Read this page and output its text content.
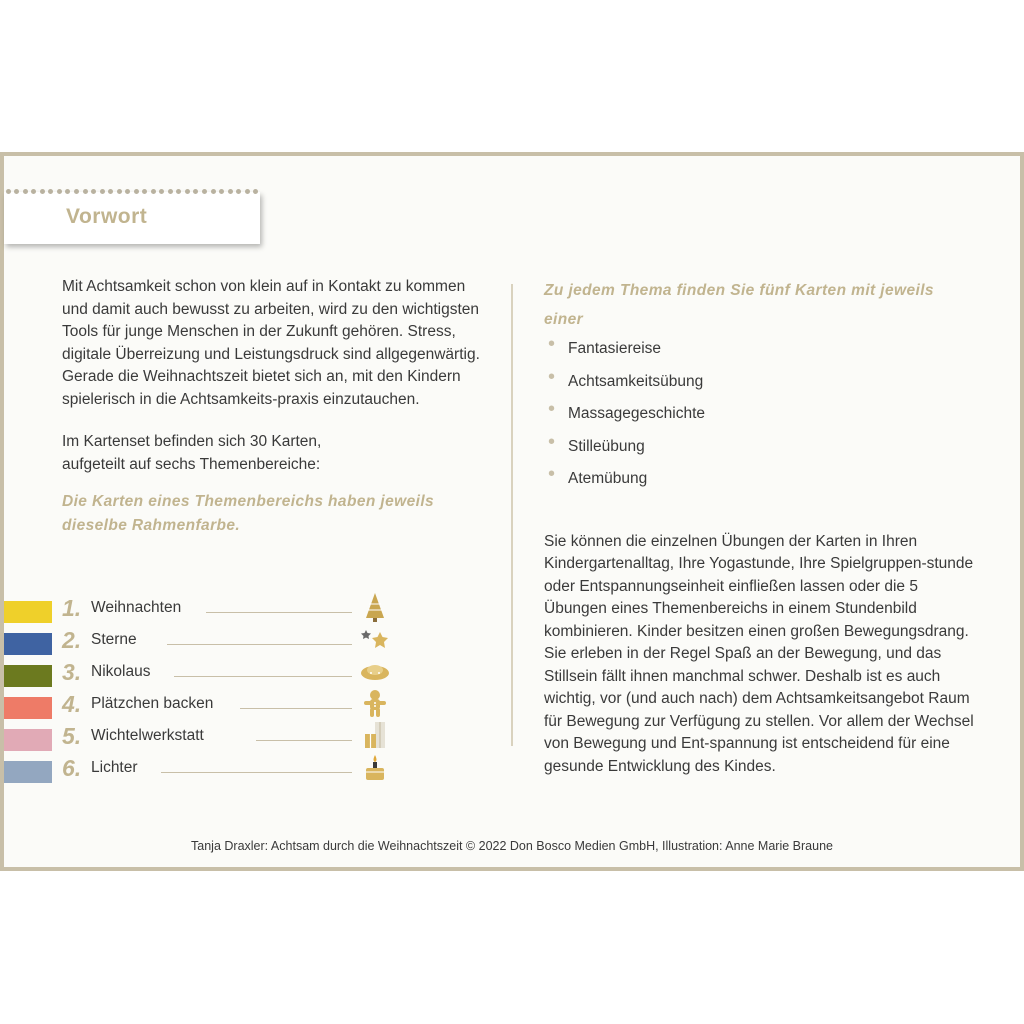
Vorwort

Mit Achtsamkeit schon von klein auf in Kontakt zu kommen und damit auch bewusst zu arbeiten, wird zu den wichtigsten Tools für junge Menschen in der Zukunft gehören. Stress, digitale Überreizung und Leistungsdruck sind allgegenwärtig. Gerade die Weihnachtszeit bietet sich an, mit den Kindern spielerisch in die Achtsamkeits-praxis einzutauchen.

Im Kartenset befinden sich 30 Karten,

aufgeteilt auf sechs Themenbereiche:

Die Karten eines Themenbereichs haben jeweils dieselbe Rahmenfarbe.

1. Weihnachten
2. Sterne
3. Nikolaus
4. Plätzchen backen
5. Wichtelwerkstatt
6. Lichter

Zu jedem Thema finden Sie fünf Karten mit jeweils einer

• Fantasiereise
• Achtsamkeitsübung
• Massagegeschichte
• Stilleübung
• Atemübung

Sie können die einzelnen Übungen der Karten in Ihren Kindergartenalltag, Ihre Yogastunde, Ihre Spielgruppen-stunde oder Entspannungseinheit einfließen lassen oder die 5 Übungen eines Themenbereichs in einem Stundenbild kombinieren. Kinder besitzen einen großen Bewegungsdrang. Sie erleben in der Regel Spaß an der Bewegung, und das Stillsein fällt ihnen manchmal schwer. Deshalb ist es auch wichtig, vor (und auch nach) dem Achtsamkeitsangebot Raum für Bewegung zur Verfügung zu stellen. Vor allem der Wechsel von Bewegung und Ent-spannung ist entscheidend für eine gesunde Entwicklung des Kindes.

Tanja Draxler: Achtsam durch die Weihnachtszeit © 2022 Don Bosco Medien GmbH, Illustration: Anne Marie Braune
